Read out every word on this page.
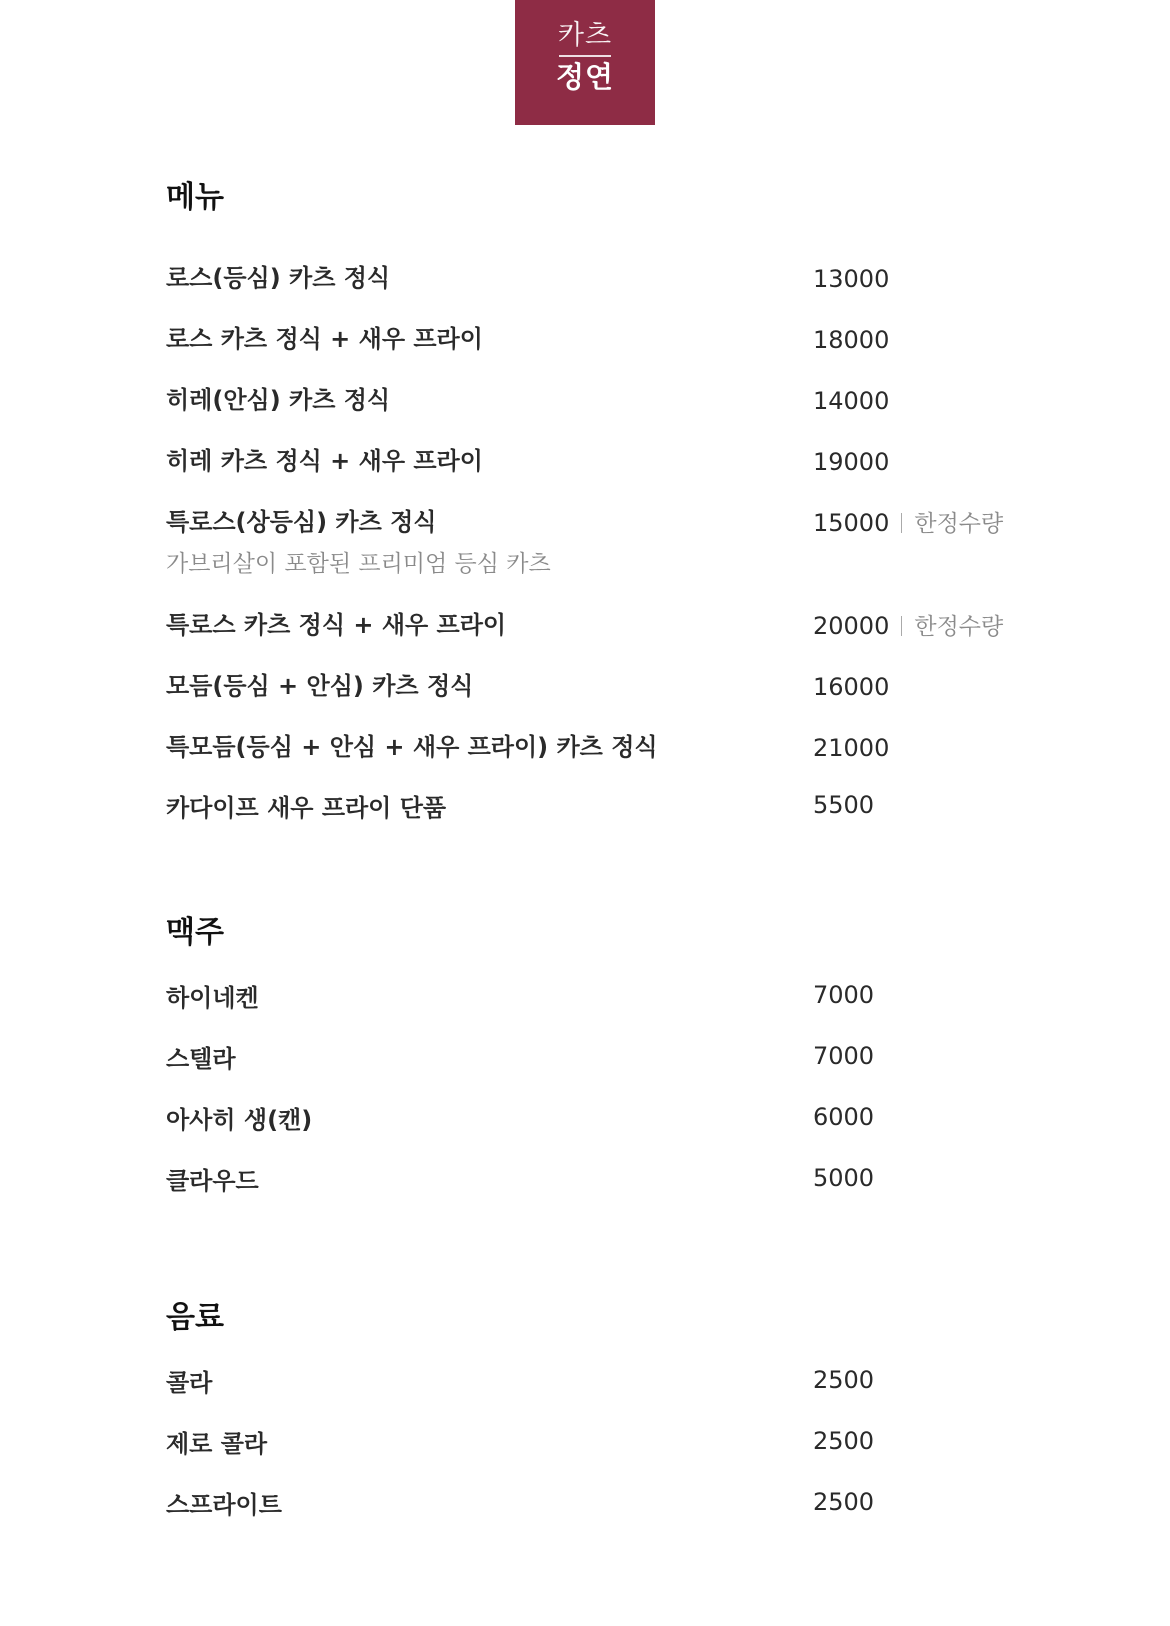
카츠
정연
메뉴
로스(등심) 카츠 정식	13000
로스 카츠 정식 + 새우 프라이	18000
히레(안심) 카츠 정식	14000
히레 카츠 정식 + 새우 프라이	19000
특로스(상등심) 카츠 정식	15000 한정수량
가브리살이 포함된 프리미엄 등심 카츠
특로스 카츠 정식 + 새우 프라이	20000 한정수량
모듬(등심 + 안심) 카츠 정식	16000
특모듬(등심 + 안심 + 새우 프라이) 카츠 정식	21000
카다이프 새우 프라이 단품	5500
맥주
하이네켄	7000
스텔라	7000
아사히 생(캔)	6000
클라우드	5000
음료
콜라	2500
제로 콜라	2500
스프라이트	2500
